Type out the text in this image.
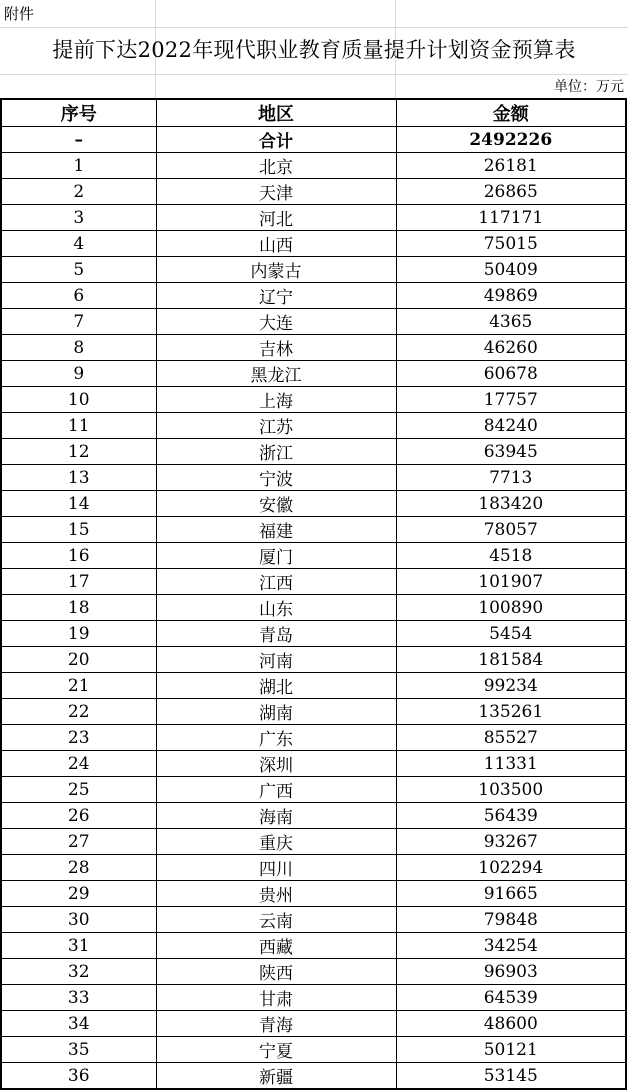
附件
提前下达2022年现代职业教育质量提升计划资金预算表
单位：万元
序号	地区	金额
–	合计	2492226
1	北京	26181
2	天津	26865
3	河北	117171
4	山西	75015
5	内蒙古	50409
6	辽宁	49869
7	大连	4365
8	吉林	46260
9	黑龙江	60678
10	上海	17757
11	江苏	84240
12	浙江	63945
13	宁波	7713
14	安徽	183420
15	福建	78057
16	厦门	4518
17	江西	101907
18	山东	100890
19	青岛	5454
20	河南	181584
21	湖北	99234
22	湖南	135261
23	广东	85527
24	深圳	11331
25	广西	103500
26	海南	56439
27	重庆	93267
28	四川	102294
29	贵州	91665
30	云南	79848
31	西藏	34254
32	陕西	96903
33	甘肃	64539
34	青海	48600
35	宁夏	50121
36	新疆	53145
